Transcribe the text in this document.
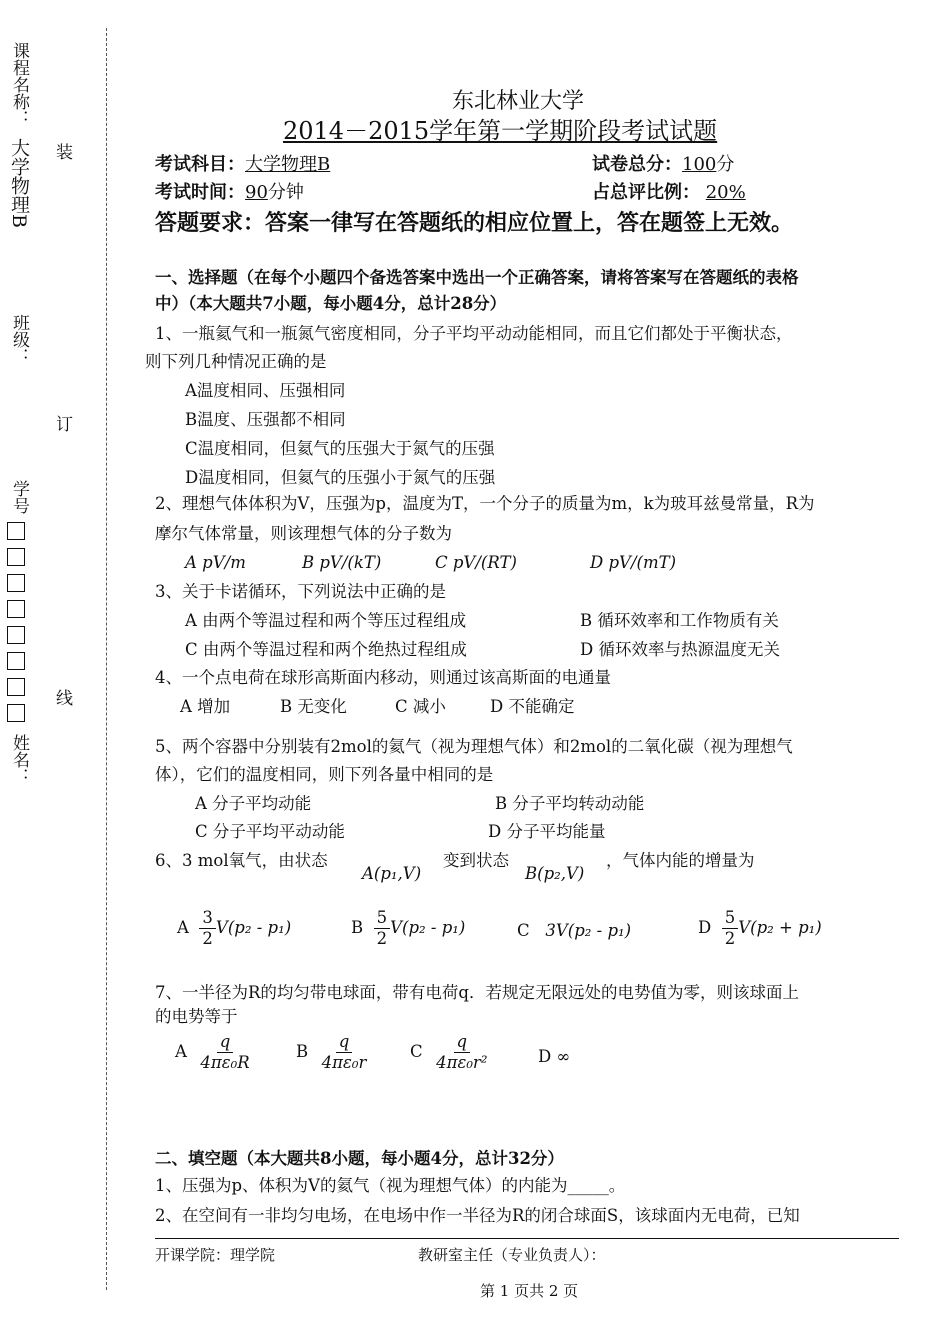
课程名称：
大学物理B
班级：
学号
姓名：
装
订
线
东北林业大学
2014－2015学年第一学期阶段考试试题
考试科目：大学物理B	试卷总分：100分
考试时间：90分钟	占总评比例： 20%
答题要求：答案一律写在答题纸的相应位置上，答在题签上无效。
一、选择题（在每个小题四个备选答案中选出一个正确答案，请将答案写在答题纸的表格
中）（本大题共7小题，每小题4分，总计28分）
1、一瓶氦气和一瓶氮气密度相同，分子平均平动动能相同，而且它们都处于平衡状态，
则下列几种情况正确的是
A温度相同、压强相同
B温度、压强都不相同
C温度相同，但氦气的压强大于氮气的压强
D温度相同，但氦气的压强小于氮气的压强
2、理想气体体积为V，压强为p，温度为T，一个分子的质量为m，k为玻耳兹曼常量，R为
摩尔气体常量，则该理想气体的分子数为
A pV/m	B pV/(kT)	C pV/(RT)	D pV/(mT)
3、关于卡诺循环，下列说法中正确的是
A 由两个等温过程和两个等压过程组成	B 循环效率和工作物质有关
C 由两个等温过程和两个绝热过程组成	D 循环效率与热源温度无关
4、一个点电荷在球形高斯面内移动，则通过该高斯面的电通量
A 增加	B 无变化	C 减小	D 不能确定
5、两个容器中分别装有2mol的氦气（视为理想气体）和2mol的二氧化碳（视为理想气
体），它们的温度相同，则下列各量中相同的是
A 分子平均动能	B 分子平均转动动能
C 分子平均平动动能	D 分子平均能量
6、3 mol氧气，由状态
A(p₁,V)
变到状态
B(p₂,V)
，气体内能的增量为
A $\frac{3}{2} V(p_2 - p_1)$	B $\frac{5}{2} V(p_2 - p_1)$	C 3V(p₂ - p₁)	D $\frac{5}{2} V(p_2 + p_1)$
7、一半径为R的均匀带电球面，带有电荷q．若规定无限远处的电势值为零，则该球面上
的电势等于
A $\frac{q}{\text{4πε₀R}}$	B $\frac{q}{\text{4πε₀r}}$ C $\frac{q}{\text{4πε₀r²}}$	D ∞
二、填空题（本大题共8小题，每小题4分，总计32分）
1、压强为p、体积为V的氦气（视为理想气体）的内能为_____。
2、在空间有一非均匀电场，在电场中作一半径为R的闭合球面S，该球面内无电荷，已知
开课学院：理学院	教研室主任（专业负责人）：
第 1 页共 2 页
